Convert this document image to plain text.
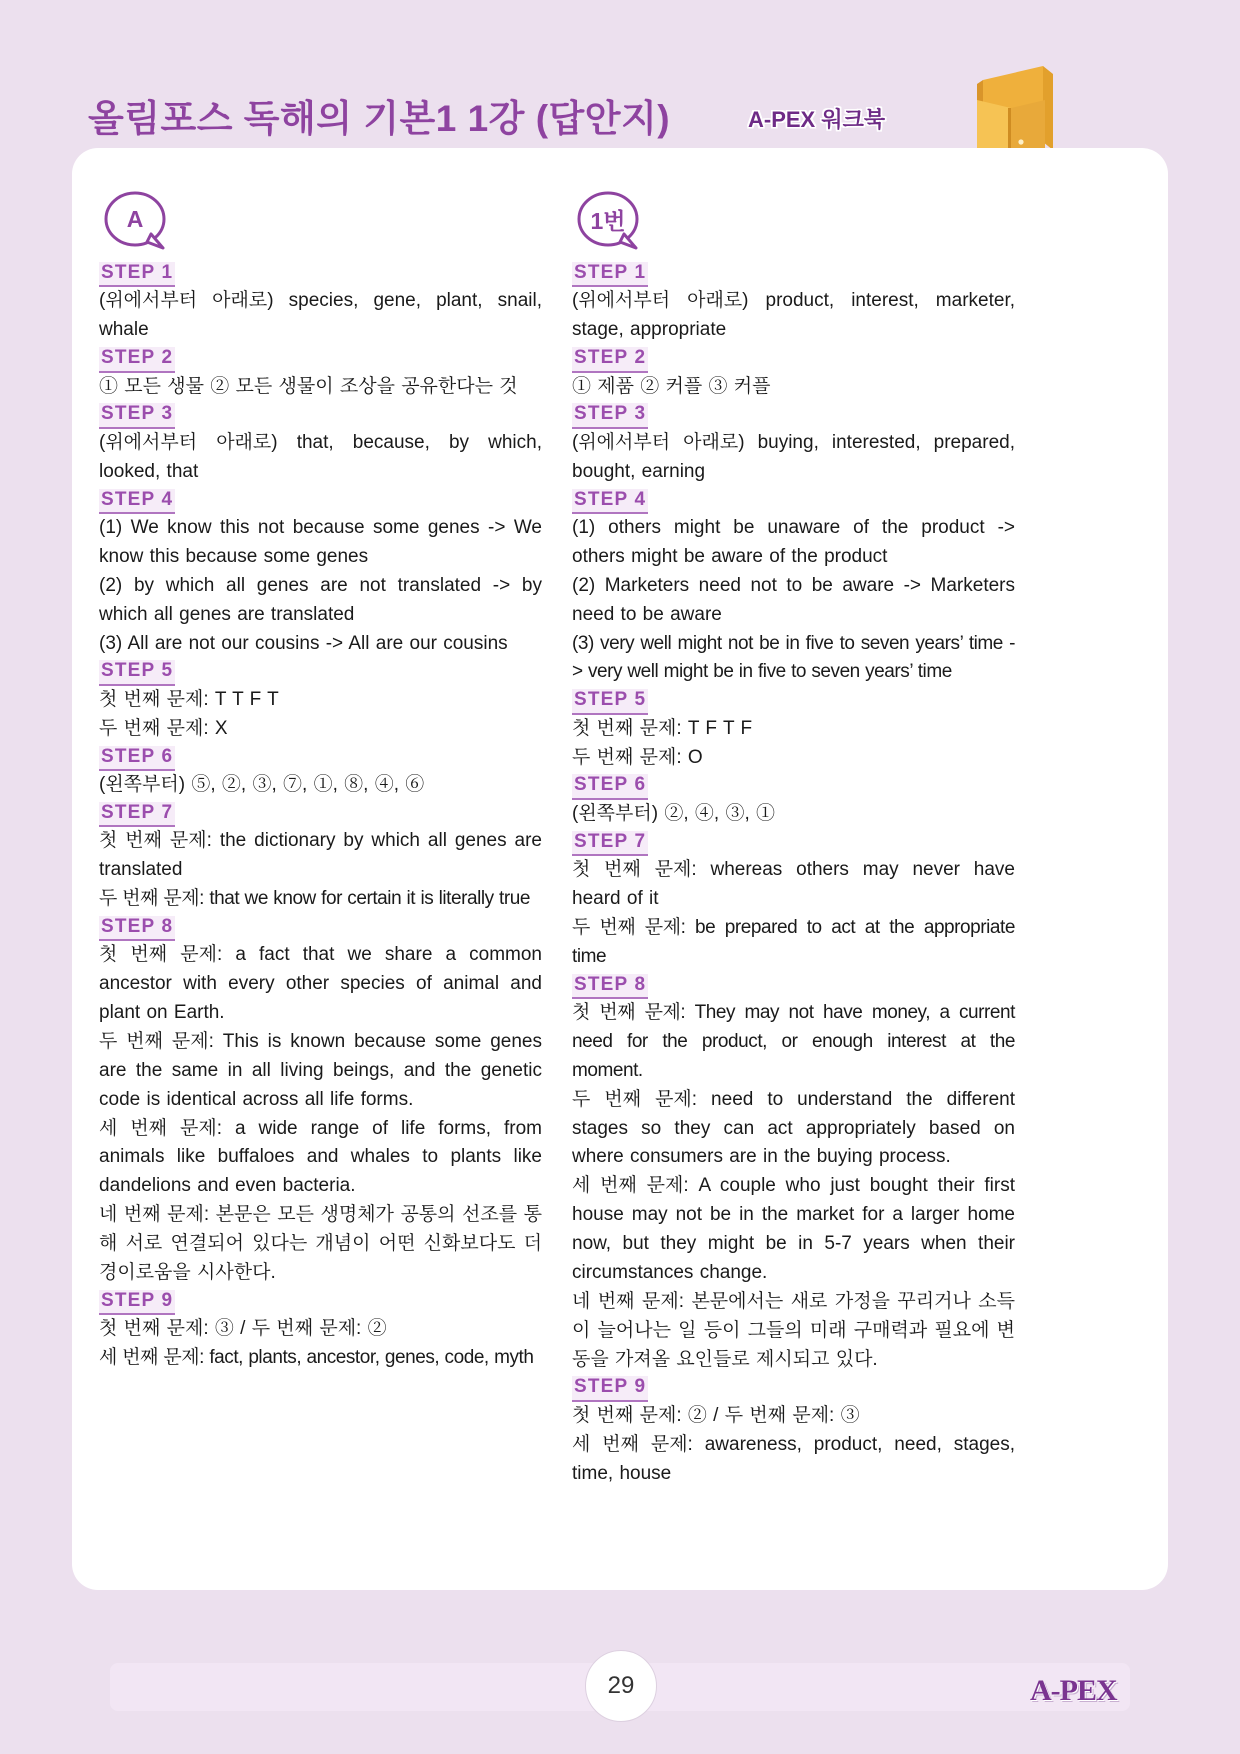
올림포스 독해의 기본1 1강 (답안지)	A-PEX 워크북
A
STEP 1
(위에서부터 아래로) species, gene, plant, snail, whale
STEP 2
① 모든 생물 ② 모든 생물이 조상을 공유한다는 것
STEP 3
(위에서부터 아래로) that, because, by which, looked, that
STEP 4
(1) We know this not because some genes -> We know this because some genes
(2) by which all genes are not translated -> by which all genes are translated
(3) All are not our cousins -> All are our cousins
STEP 5
첫 번째 문제: T T F T
두 번째 문제: X
STEP 6
(왼쪽부터) ⑤, ②, ③, ⑦, ①, ⑧, ④, ⑥
STEP 7
첫 번째 문제: the dictionary by which all genes are translated
두 번째 문제: that we know for certain it is literally true
STEP 8
첫 번째 문제: a fact that we share a common ancestor with every other species of animal and plant on Earth.
두 번째 문제: This is known because some genes are the same in all living beings, and the genetic code is identical across all life forms.
세 번째 문제: a wide range of life forms, from animals like buffaloes and whales to plants like dandelions and even bacteria.
네 번째 문제: 본문은 모든 생명체가 공통의 선조를 통해 서로 연결되어 있다는 개념이 어떤 신화보다도 더 경이로움을 시사한다.
STEP 9
첫 번째 문제: ③ / 두 번째 문제: ②
세 번째 문제: fact, plants, ancestor, genes, code, myth
1번
STEP 1
(위에서부터 아래로) product, interest, marketer, stage, appropriate
STEP 2
① 제품 ② 커플 ③ 커플
STEP 3
(위에서부터 아래로) buying, interested, prepared, bought, earning
STEP 4
(1) others might be unaware of the product -> others might be aware of the product
(2) Marketers need not to be aware -> Marketers need to be aware
(3) very well might not be in five to seven years’ time -> very well might be in five to seven years’ time
STEP 5
첫 번째 문제: T F T F
두 번째 문제: O
STEP 6
(왼쪽부터) ②, ④, ③, ①
STEP 7
첫 번째 문제: whereas others may never have heard of it
두 번째 문제: be prepared to act at the appropriate time
STEP 8
첫 번째 문제: They may not have money, a current need for the product, or enough interest at the moment.
두 번째 문제: need to understand the different stages so they can act appropriately based on where consumers are in the buying process.
세 번째 문제: A couple who just bought their first house may not be in the market for a larger home now, but they might be in 5-7 years when their circumstances change.
네 번째 문제: 본문에서는 새로 가정을 꾸리거나 소득이 늘어나는 일 등이 그들의 미래 구매력과 필요에 변동을 가져올 요인들로 제시되고 있다.
STEP 9
첫 번째 문제: ② / 두 번째 문제: ③
세 번째 문제: awareness, product, need, stages, time, house
29	A-PEX
